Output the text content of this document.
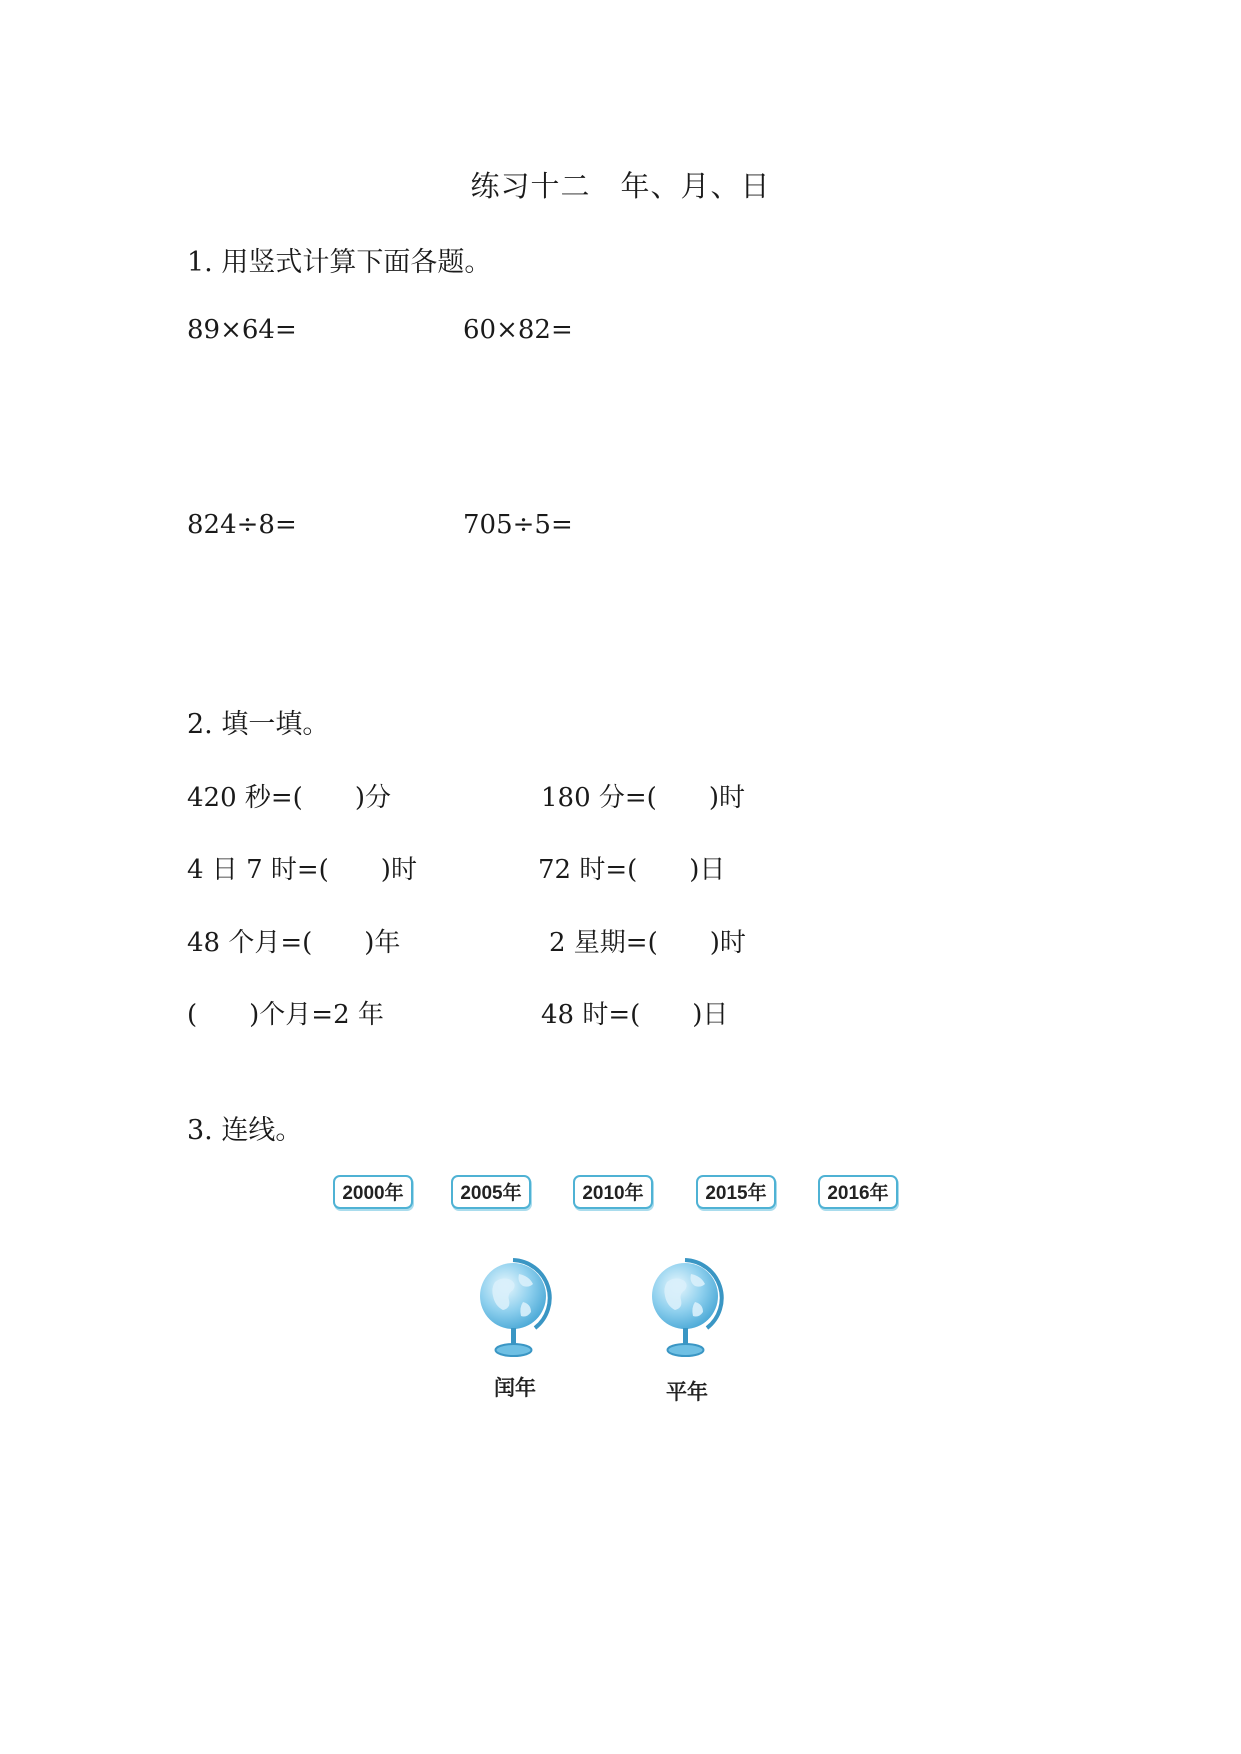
练习十二　年、月、日
1. 用竖式计算下面各题。
89×64=	60×82=
824÷8=	705÷5=
2. 填一填。
420 秒=(　　)分	180 分=(　　)时
4 日 7 时=(　　)时	72 时=(　　)日
48 个月=(　　)年	2 星期=(　　)时
(　　)个月=2 年	48 时=(　　)日
3. 连线。
2000年	2005年	2010年	2015年	2016年
闰年	平年
